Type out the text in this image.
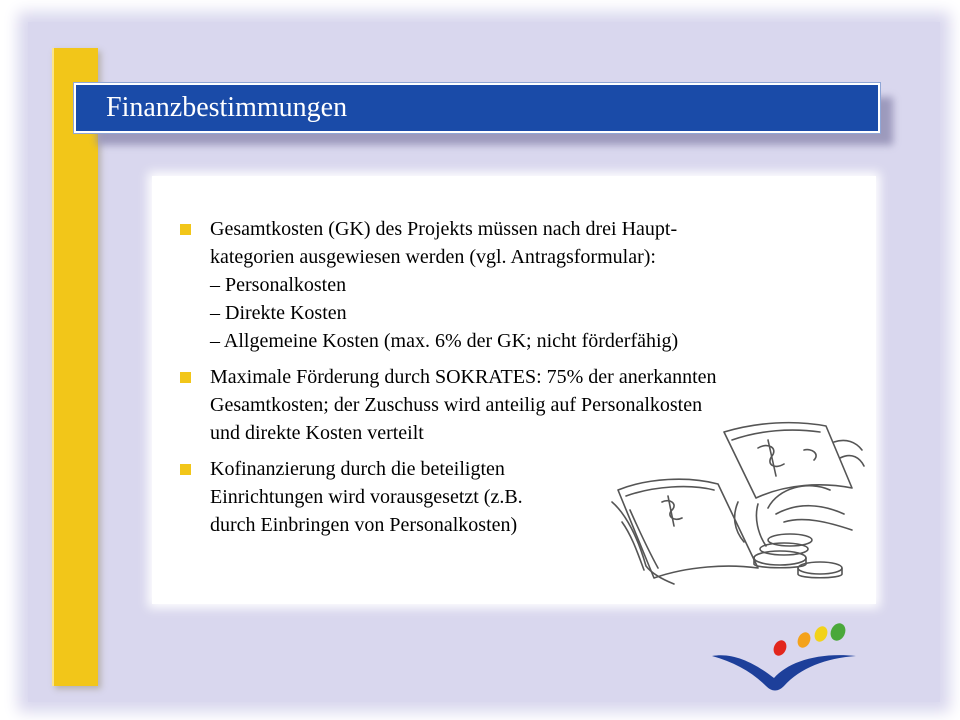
Finanzbestimmungen
Gesamtkosten (GK) des Projekts müssen nach drei Haupt-
kategorien ausgewiesen werden (vgl. Antragsformular):
– Personalkosten
– Direkte Kosten
– Allgemeine Kosten (max. 6% der GK; nicht förderfähig)
Maximale Förderung durch SOKRATES: 75% der anerkannten
Gesamtkosten; der Zuschuss wird anteilig auf Personalkosten
und direkte Kosten verteilt
Kofinanzierung durch die beteiligten
Einrichtungen wird vorausgesetzt (z.B.
durch Einbringen von Personalkosten)
